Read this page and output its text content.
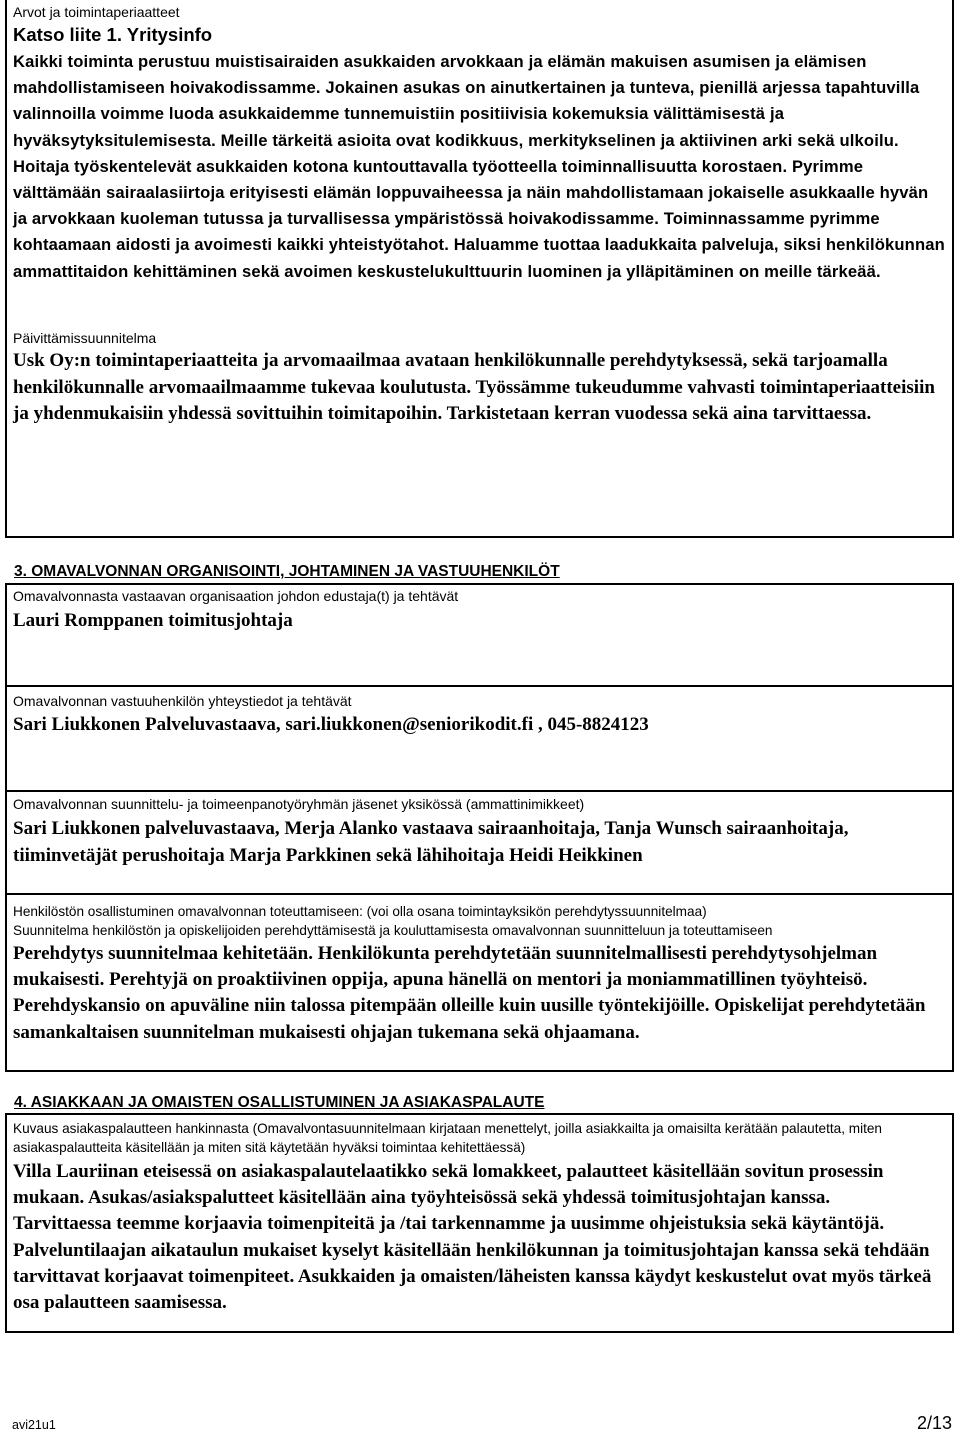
Arvot ja toimintaperiaatteet
Katso liite 1. Yritysinfo

Kaikki toiminta perustuu muistisairaiden asukkaiden arvokkaan ja elämän makuisen asumisen ja elämisen mahdollistamiseen hoivakodissamme. Jokainen asukas on ainutkertainen ja tunteva, pienillä arjessa tapahtuvilla valinnoilla voimme luoda asukkaidemme tunnemuistiin positiivisia kokemuksia välittämisestä ja hyväksytyksitulemisesta. Meille tärkeitä asioita ovat kodikkuus, merkitykselinen ja aktiivinen arki sekä ulkoilu. Hoitaja työskentelevät asukkaiden kotona kuntouttavalla työotteella toiminnallisuutta korostaen. Pyrimme välttämään sairaalasiirtoja erityisesti elämän loppuvaiheessa ja näin mahdollistamaan jokaiselle asukkaalle hyvän ja arvokkaan kuoleman tutussa ja turvallisessa ympäristössä hoivakodissamme. Toiminnassamme pyrimme kohtaamaan aidosti ja avoimesti kaikki yhteistyötahot. Haluamme tuottaa laadukkaita palveluja, siksi henkilökunnan ammattitaidon kehittäminen sekä avoimen keskustelukulttuurin luominen ja ylläpitäminen on meille tärkeää.

Päivittämissuunnitelma

Usk Oy:n toimintaperiaatteita ja arvomaailmaa avataan henkilökunnalle perehdytyksessä, sekä tarjoamalla henkilökunnalle arvomaailmaamme tukevaa koulutusta. Työssämme tukeudumme vahvasti toimintaperiaatteisiin ja yhdenmukaisiin yhdessä sovittuihin toimitapoihin. Tarkistetaan kerran vuodessa sekä aina tarvittaessa.

3. OMAVALVONNAN ORGANISOINTI, JOHTAMINEN JA VASTUUHENKILÖT
Omavalvonnasta vastaavan organisaation johdon edustaja(t) ja tehtävät
Lauri Romppanen toimitusjohtaja
Omavalvonnan vastuuhenkilön yhteystiedot ja tehtävät
Sari Liukkonen Palveluvastaava, sari.liukkonen@seniorikodit.fi , 045-8824123
Omavalvonnan suunnittelu- ja toimeenpanotyöryhmän jäsenet yksikössä (ammattinimikkeet)

Sari Liukkonen palveluvastaava, Merja Alanko vastaava sairaanhoitaja, Tanja Wunsch sairaanhoitaja, tiiminvetäjät perushoitaja Marja Parkkinen sekä lähihoitaja Heidi Heikkinen

Henkilöstön osallistuminen omavalvonnan toteuttamiseen: (voi olla osana toimintayksikön perehdytyssuunnitelmaa)
Suunnitelma henkilöstön ja opiskelijoiden perehdyttämisestä ja kouluttamisesta omavalvonnan suunnitteluun ja toteuttamiseen

Perehdytys suunnitelmaa kehitetään. Henkilökunta perehdytetään suunnitelmallisesti perehdytysohjelman mukaisesti. Perehtyjä on proaktiivinen oppija, apuna hänellä on mentori ja moniammatillinen työyhteisö. Perehdyskansio on apuväline niin talossa pitempään olleille kuin uusille työntekijöille. Opiskelijat perehdytetään samankaltaisen suunnitelman mukaisesti ohjajan tukemana sekä ohjaamana.

4. ASIAKKAAN JA OMAISTEN OSALLISTUMINEN JA ASIAKASPALAUTE

Kuvaus asiakaspalautteen hankinnasta (Omavalvontasuunnitelmaan kirjataan menettelyt, joilla asiakkailta ja omaisilta kerätään palautetta, miten asiakaspalautteita käsitellään ja miten sitä käytetään hyväksi toimintaa kehitettäessä)

Villa Lauriinan eteisessä on asiakaspalautelaatikko sekä lomakkeet, palautteet käsitellään sovitun prosessin mukaan. Asukas/asiakspalutteet käsitellään aina työyhteisössä sekä yhdessä toimitusjohtajan kanssa. Tarvittaessa teemme korjaavia toimenpiteitä ja /tai tarkennamme ja uusimme ohjeistuksia sekä käytäntöjä. Palveluntilaajan aikataulun mukaiset kyselyt käsitellään henkilökunnan ja toimitusjohtajan kanssa sekä tehdään tarvittavat korjaavat toimenpiteet. Asukkaiden ja omaisten/läheisten kanssa käydyt keskustelut ovat myös tärkeä osa palautteen saamisessa.

avi21u1	2/13
